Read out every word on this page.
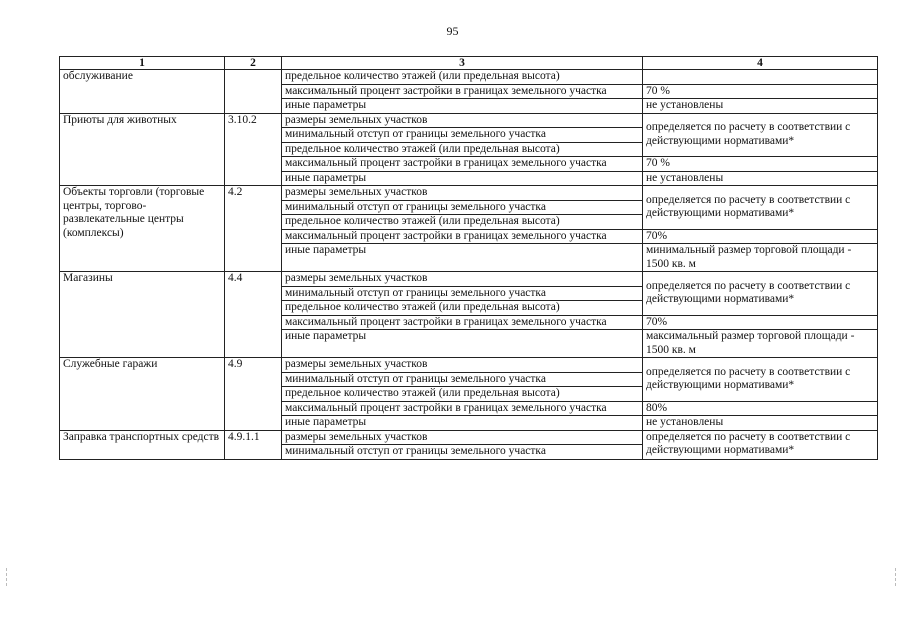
95
1	2	3	4
обслуживание		предельное количество этажей (или предельная высота)	
		максимальный процент застройки в границах земельного участка	70 %
		иные параметры	не установлены
Приюты для животных	3.10.2	размеры земельных участков	определяется по расчету в соответствии с действующими нормативами*
		минимальный отступ от границы земельного участка	
		предельное количество этажей (или предельная высота)	
		максимальный процент застройки в границах земельного участка	70 %
		иные параметры	не установлены
Объекты торговли (торговые центры, торгово-развлекательные центры (комплексы)	4.2	размеры земельных участков	определяется по расчету в соответствии с действующими нормативами*
		минимальный отступ от границы земельного участка	
		предельное количество этажей (или предельная высота)	
		максимальный процент застройки в границах земельного участка	70%
		иные параметры	минимальный размер торговой площади - 1500 кв. м
Магазины	4.4	размеры земельных участков	определяется по расчету в соответствии с действующими нормативами*
		минимальный отступ от границы земельного участка	
		предельное количество этажей (или предельная высота)	
		максимальный процент застройки в границах земельного участка	70%
		иные параметры	максимальный размер торговой площади - 1500 кв. м
Служебные гаражи	4.9	размеры земельных участков	определяется по расчету в соответствии с действующими нормативами*
		минимальный отступ от границы земельного участка	
		предельное количество этажей (или предельная высота)	
		максимальный процент застройки в границах земельного участка	80%
		иные параметры	не установлены
Заправка транспортных средств	4.9.1.1	размеры земельных участков	определяется по расчету в соответствии с действующими нормативами*
		минимальный отступ от границы земельного участка	
